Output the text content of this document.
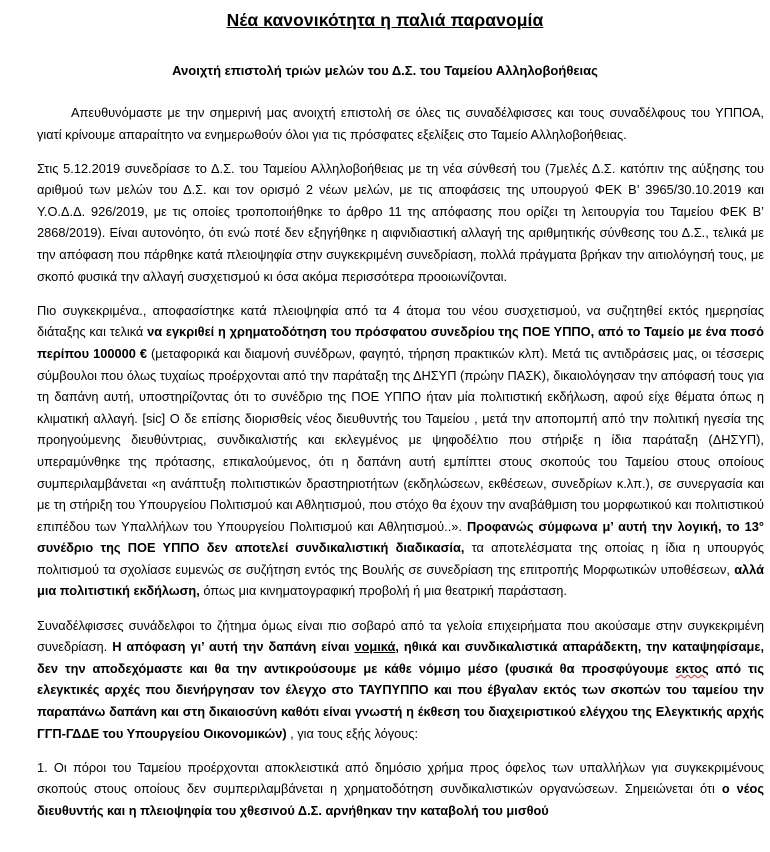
Νέα κανονικότητα η παλιά παρανομία
Ανοιχτή επιστολή τριών μελών του Δ.Σ. του Ταμείου Αλληλοβοήθειας

Απευθυνόμαστε με την σημερινή μας ανοιχτή επιστολή σε όλες τις συναδέλφισσες και τους συναδέλφους του ΥΠΠΟΑ, γιατί κρίνουμε απαραίτητο να ενημερωθούν όλοι για τις πρόσφατες εξελίξεις στο Ταμείο Αλληλοβοήθειας.

Στις 5.12.2019 συνεδρίασε το Δ.Σ. του Ταμείου Αλληλοβοήθειας με τη νέα σύνθεσή του (7μελές Δ.Σ. κατόπιν της αύξησης του αριθμού των μελών του Δ.Σ. και τον ορισμό 2 νέων μελών, με τις αποφάσεις της υπουργού ΦΕΚ Β’ 3965/30.10.2019 και Υ.Ο.Δ.Δ. 926/2019, με τις οποίες τροποποιήθηκε το άρθρο 11 της απόφασης που ορίζει τη λειτουργία του Ταμείου ΦΕΚ Β’ 2868/2019). Είναι αυτονόητο, ότι ενώ ποτέ δεν εξηγήθηκε η αιφνιδιαστική αλλαγή της αριθμητικής σύνθεσης του Δ.Σ., τελικά με την απόφαση που πάρθηκε κατά πλειοψηφία στην συγκεκριμένη συνεδρίαση, πολλά πράγματα βρήκαν την αιτιολόγησή τους, με σκοπό φυσικά την αλλαγή συσχετισμού κι όσα ακόμα περισσότερα προοιωνίζονται.

Πιο συγκεκριμένα., αποφασίστηκε κατά πλειοψηφία από τα 4 άτομα του νέου συσχετισμού, να συζητηθεί εκτός ημερησίας διάταξης και τελικά να εγκριθεί η χρηματοδότηση του πρόσφατου συνεδρίου της ΠΟΕ ΥΠΠΟ, από το Ταμείο με ένα ποσό περίπου 100000 € (μεταφορικά και διαμονή συνέδρων, φαγητό, τήρηση πρακτικών κλπ). Μετά τις αντιδράσεις μας, οι τέσσερις σύμβουλοι που όλως τυχαίως προέρχονται από την παράταξη της ΔΗΣΥΠ (πρώην ΠΑΣΚ), δικαιολόγησαν την απόφασή τους για τη δαπάνη αυτή, υποστηρίζοντας ότι το συνέδριο της ΠΟΕ ΥΠΠΟ ήταν μία πολιτιστική εκδήλωση, αφού είχε θέματα όπως η κλιματική αλλαγή. [sic] Ο δε επίσης διορισθείς νέος διευθυντής του Ταμείου , μετά την αποπομπή από την πολιτική ηγεσία της προηγούμενης διευθύντριας, συνδικαλιστής και εκλεγμένος με ψηφοδέλτιο που στήριξε η ίδια παράταξη (ΔΗΣΥΠ), υπεραμύνθηκε της πρότασης, επικαλούμενος, ότι η δαπάνη αυτή εμπίπτει στους σκοπούς του Ταμείου στους οποίους συμπεριλαμβάνεται «η ανάπτυξη πολιτιστικών δραστηριοτήτων (εκδηλώσεων, εκθέσεων, συνεδρίων κ.λπ.), σε συνεργασία και με τη στήριξη του Υπουργείου Πολιτισμού και Αθλητισμού, που στόχο θα έχουν την αναβάθμιση του μορφωτικού και πολιτιστικού επιπέδου των Υπαλλήλων του Υπουργείου Πολιτισμού και Αθλητισμού..». Προφανώς σύμφωνα μ’ αυτή την λογική, το 13° συνέδριο της ΠΟΕ ΥΠΠΟ δεν αποτελεί συνδικαλιστική διαδικασία, τα αποτελέσματα της οποίας η ίδια η υπουργός πολιτισμού τα σχολίασε ευμενώς σε συζήτηση εντός της Βουλής σε συνεδρίαση της επιτροπής Μορφωτικών υποθέσεων, αλλά μια πολιτιστική εκδήλωση, όπως μια κινηματογραφική προβολή ή μια θεατρική παράσταση.

Συναδέλφισσες συνάδελφοι το ζήτημα όμως είναι πιο σοβαρό από τα γελοία επιχειρήματα που ακούσαμε στην συγκεκριμένη συνεδρίαση. Η απόφαση γι’ αυτή την δαπάνη είναι νομικά, ηθικά και συνδικαλιστικά απαράδεκτη, την καταψηφίσαμε, δεν την αποδεχόμαστε και θα την αντικρούσουμε με κάθε νόμιμο μέσο (φυσικά θα προσφύγουμε εκτος από τις ελεγκτικές αρχές που διενήργησαν τον έλεγχο στο ΤΑΥΠΥΠΠΟ και που έβγαλαν εκτός των σκοπών του ταμείου την παραπάνω δαπάνη και στη δικαιοσύνη καθότι είναι γνωστή η έκθεση του διαχειριστικού ελέγχου της Ελεγκτικής αρχής ΓΓΠ-ΓΔΔΕ του Υπουργείου Οικονομικών) , για τους εξής λόγους:

1. Οι πόροι του Ταμείου προέρχονται αποκλειστικά από δημόσιο χρήμα προς όφελος των υπαλλήλων για συγκεκριμένους σκοπούς στους οποίους δεν συμπεριλαμβάνεται η χρηματοδότηση συνδικαλιστικών οργανώσεων. Σημειώνεται ότι ο νέος διευθυντής και η πλειοψηφία του χθεσινού Δ.Σ. αρνήθηκαν την καταβολή του μισθού
